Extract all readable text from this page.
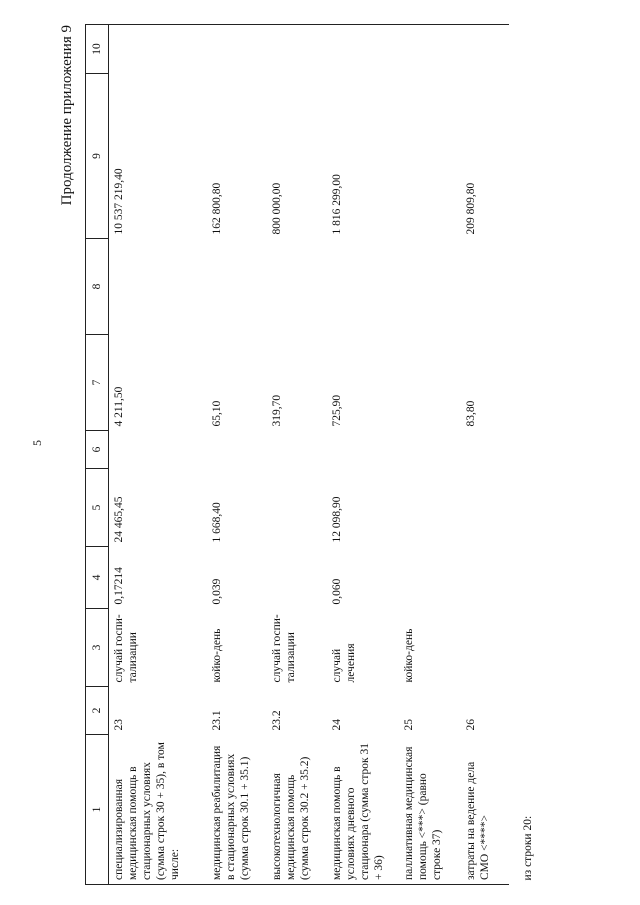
5
Продолжение приложения 9
1	2	3	4	5	6	7	8	9	10
специализированная медицинская помощь в стационарных условиях (сумма строк 30 + 35), в том числе:	23	случай госпи- тализации	0,17214	24 465,45		4 211,50		10 537 219,40	
медицинская реабилитация в стационарных условиях (сумма строк 30.1 + 35.1)	23.1	койко-день	0,039	1 668,40		65,10		162 800,80	
высокотехнологичная медицинская помощь (сумма строк 30.2 + 35.2)	23.2	случай госпи- тализации				319,70		800 000,00	
медицинская помощь в условиях дневного стационара (сумма строк 31 + 36)	24	случай лечения	0,060	12 098,90		725,90		1 816 299,00	
паллиативная медицинская помощь <***> (равно строке 37)	25	койко-день							
затраты на ведение дела СМО <****>	26					83,80		209 809,80	
из строки 20:									
